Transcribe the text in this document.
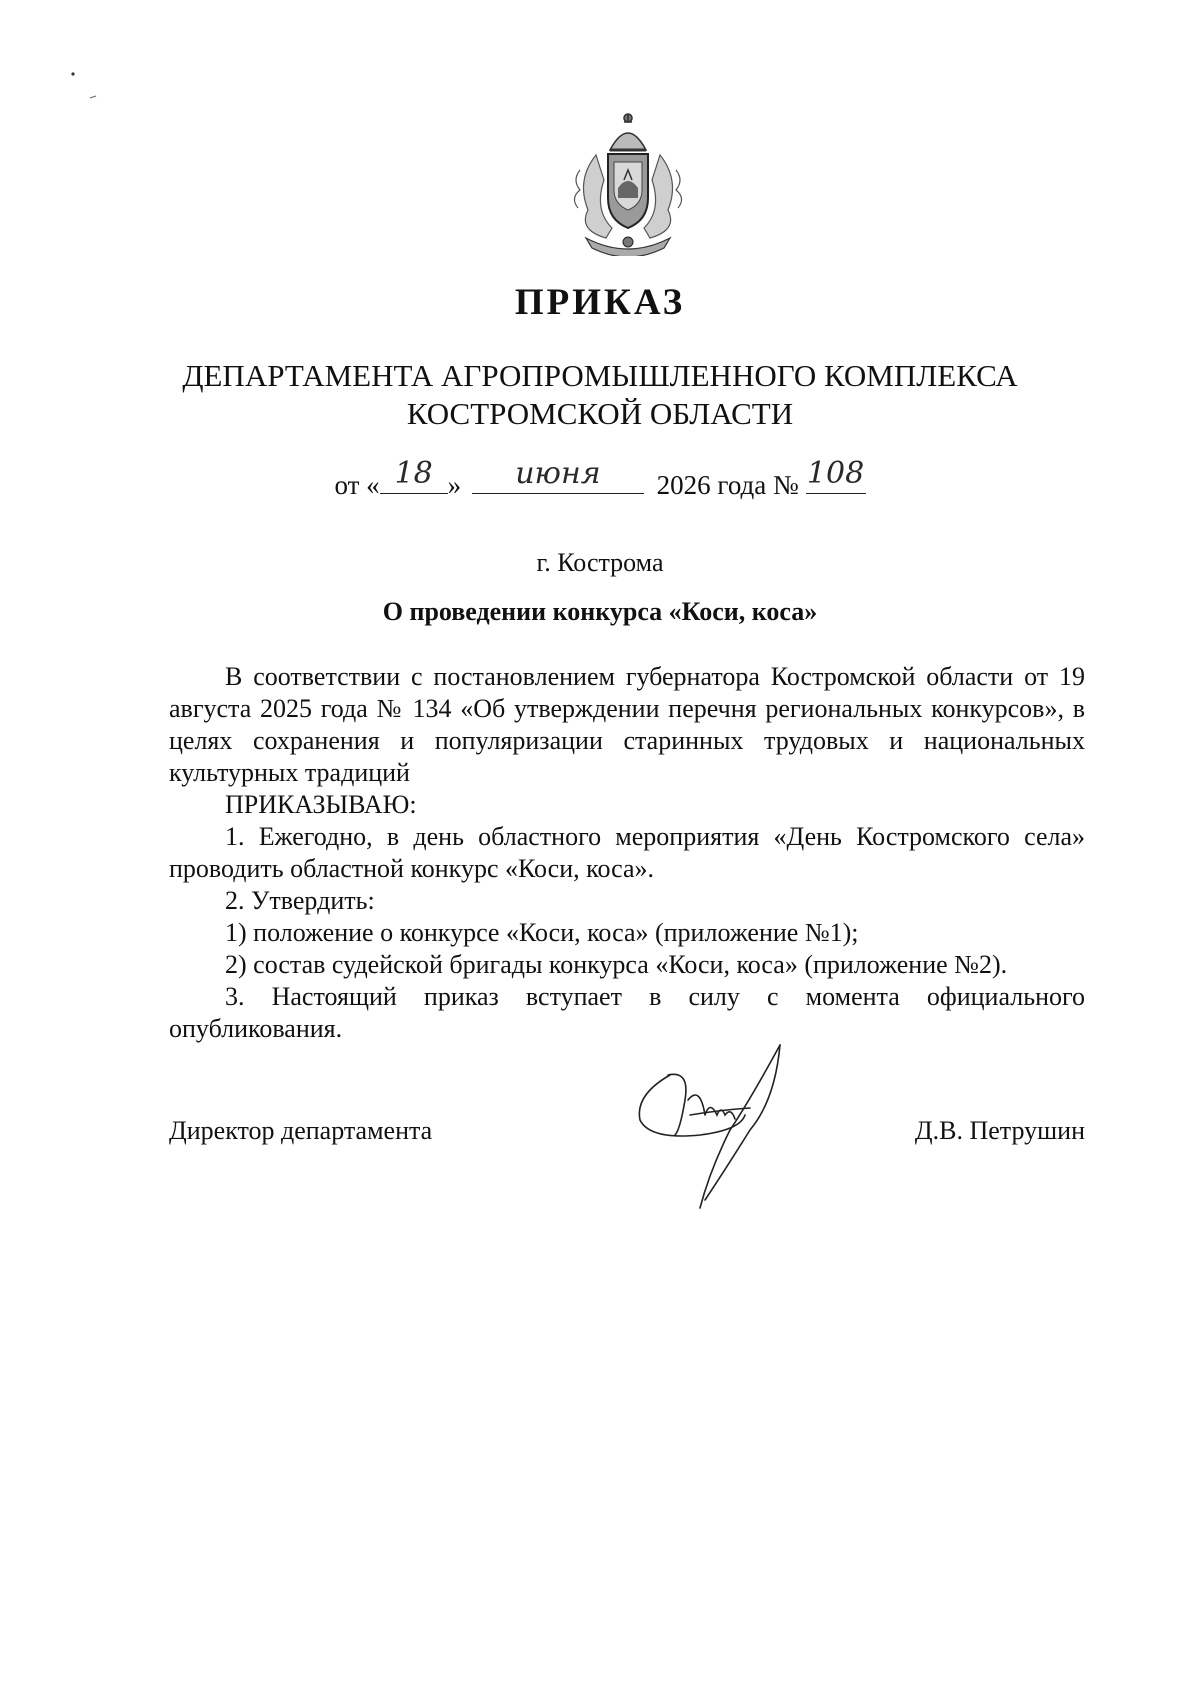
ПРИКАЗ
ДЕПАРТАМЕНТА АГРОПРОМЫШЛЕННОГО КОМПЛЕКСА
КОСТРОМСКОЙ ОБЛАСТИ
от « 18 »	июня	2026 года № 108
г. Кострома
О проведении конкурса «Коси, коса»

В соответствии с постановлением губернатора Костромской области от 19 августа 2025 года № 134 «Об утверждении перечня региональных конкурсов», в целях сохранения и популяризации старинных трудовых и национальных культурных традиций

ПРИКАЗЫВАЮ:

1. Ежегодно, в день областного мероприятия «День Костромского села» проводить областной конкурс «Коси, коса».

2. Утвердить:

1) положение о конкурсе «Коси, коса» (приложение №1);

2) состав судейской бригады конкурса «Коси, коса» (приложение №2).

3. Настоящий приказ вступает в силу с момента официального опубликования.

Директор департамента	Д.В. Петрушин
